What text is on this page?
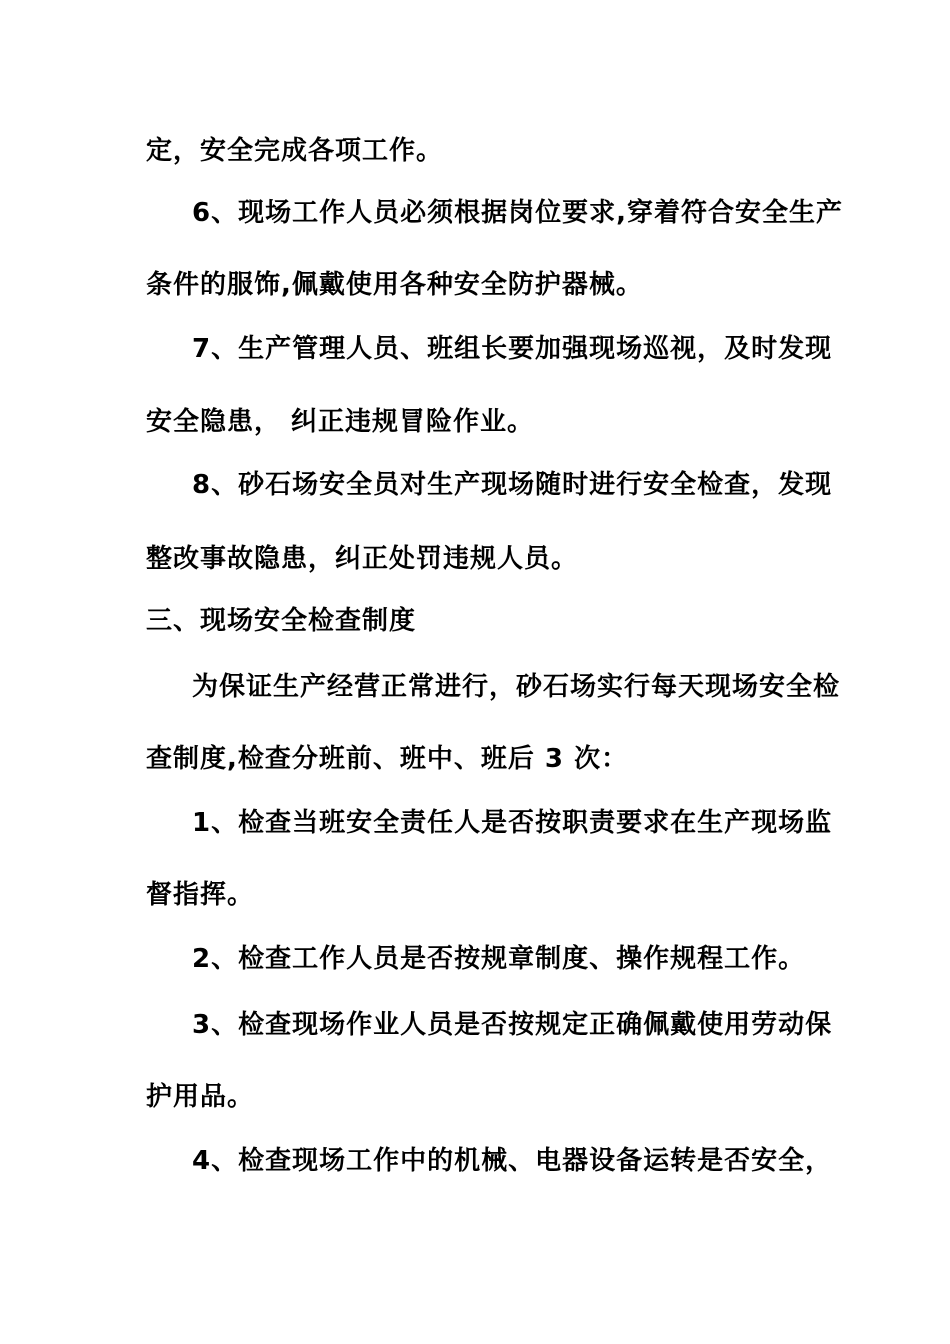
定，安全完成各项工作。
6、现场工作人员必须根据岗位要求,穿着符合安全生产
条件的服饰,佩戴使用各种安全防护器械。
7、生产管理人员、班组长要加强现场巡视，及时发现
安全隐患， 纠正违规冒险作业。
8、砂石场安全员对生产现场随时进行安全检查，发现
整改事故隐患，纠正处罚违规人员。
三、现场安全检查制度
为保证生产经营正常进行，砂石场实行每天现场安全检
查制度,检查分班前、班中、班后 3 次：
1、检查当班安全责任人是否按职责要求在生产现场监
督指挥。
2、检查工作人员是否按规章制度、操作规程工作。
3、检查现场作业人员是否按规定正确佩戴使用劳动保
护用品。
4、检查现场工作中的机械、电器设备运转是否安全，
